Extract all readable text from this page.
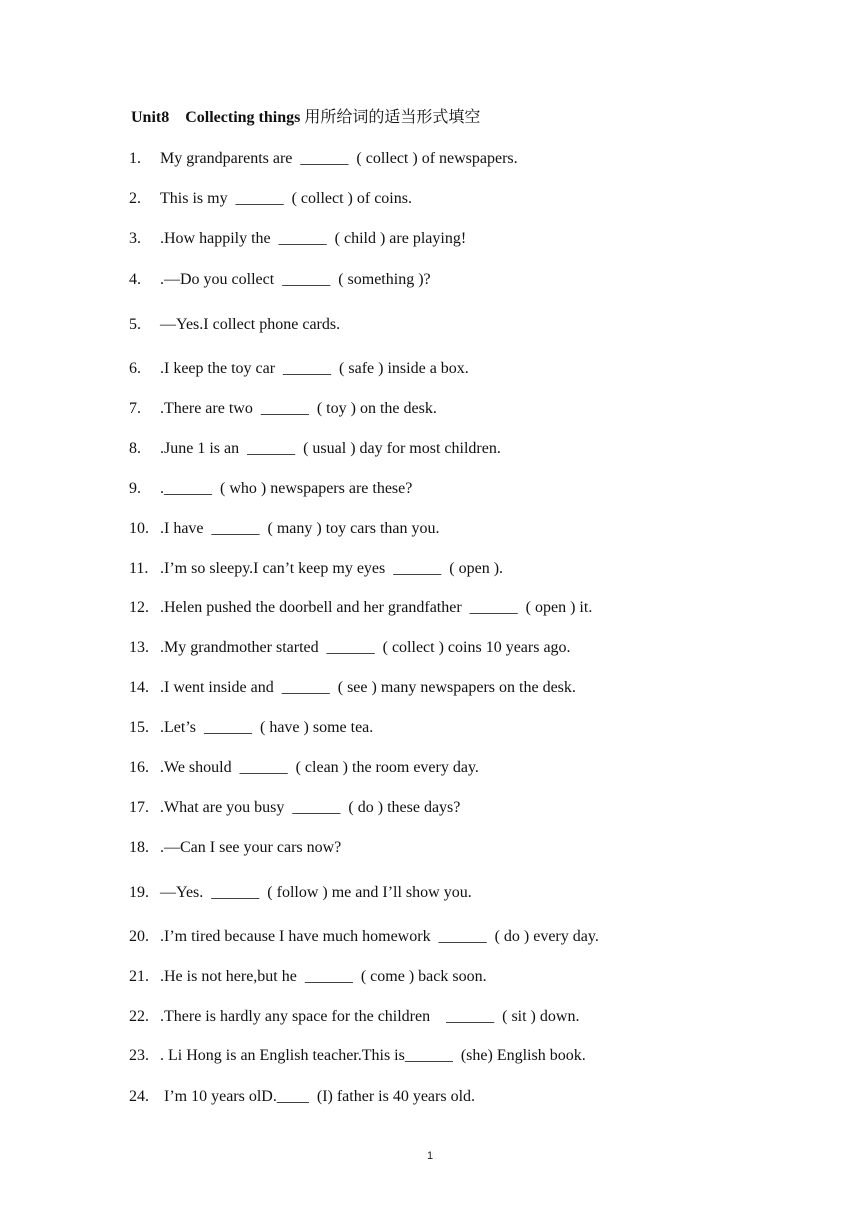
Unit8    Collecting things 用所给词的适当形式填空
1. My grandparents are  ______  ( collect ) of newspapers.
2. This is my  ______  ( collect ) of coins.
3. .How happily the  ______  ( child ) are playing!
4. .—Do you collect  ______  ( something )?
5. —Yes.I collect phone cards.
6. .I keep the toy car  ______  ( safe ) inside a box.
7. .There are two  ______  ( toy ) on the desk.
8. .June 1 is an  ______  ( usual ) day for most children.
9. .______  ( who ) newspapers are these?
10. .I have  ______  ( many ) toy cars than you.
11. .I’m so sleepy.I can’t keep my eyes  ______  ( open ).
12. .Helen pushed the doorbell and her grandfather  ______  ( open ) it.
13. .My grandmother started  ______  ( collect ) coins 10 years ago.
14. .I went inside and  ______  ( see ) many newspapers on the desk.
15. .Let’s  ______  ( have ) some tea.
16. .We should  ______  ( clean ) the room every day.
17. .What are you busy  ______  ( do ) these days?
18. .—Can I see your cars now?
19. —Yes.  ______  ( follow ) me and I’ll show you.
20. .I’m tired because I have much homework  ______  ( do ) every day.
21. .He is not here,but he  ______  ( come ) back soon.
22. .There is hardly any space for the children    ______  ( sit ) down.
23. . Li Hong is an English teacher.This is______  (she) English book.
24. I’m 10 years olD.____  (I) father is 40 years old.
1
